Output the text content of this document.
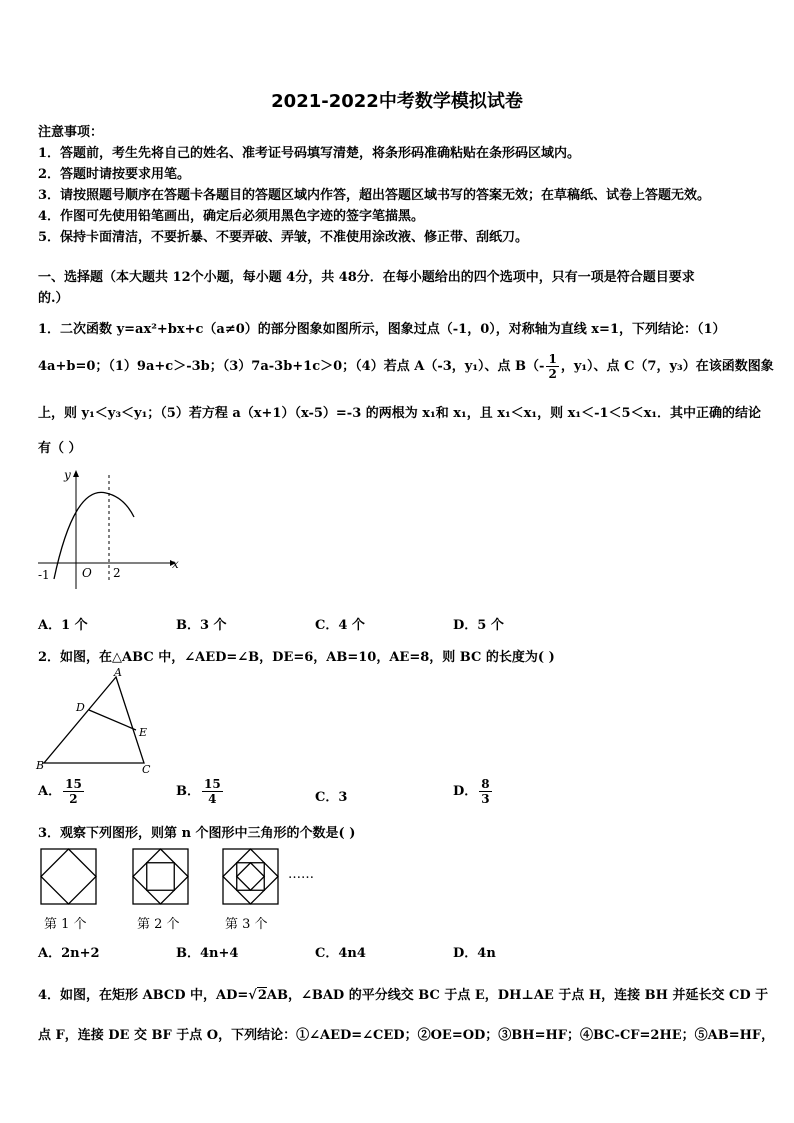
2021-2022中考数学模拟试卷
注意事项：
1．答题前，考生先将自己的姓名、准考证号码填写清楚，将条形码准确粘贴在条形码区域内。
2．答题时请按要求用笔。
3．请按照题号顺序在答题卡各题目的答题区域内作答，超出答题区域书写的答案无效；在草稿纸、试卷上答题无效。
4．作图可先使用铅笔画出，确定后必须用黑色字迹的签字笔描黑。
5．保持卡面清洁，不要折暴、不要弄破、弄皱，不准使用涂改液、修正带、刮纸刀。
一、选择题（本大题共 12个小题，每小题 4分，共 48分．在每小题给出的四个选项中，只有一项是符合题目要求
的.）
1．二次函数 y=ax²+bx+c（a≠0）的部分图象如图所示，图象过点（-1，0），对称轴为直线 x=1，下列结论：（1）
4a+b=0；（1）9a+c＞-3b；（3）7a-3b+1c＞0；（4）若点 A（-3，y₁）、点 $B(- \frac{1}{2}$ ，y₁）、点 C（7，y₃）在该函数图象
上，则 y₁＜y₃＜y₁；（5）若方程 a（x+1）（x-5）=-3 的两根为 x₁和 x₁，且 x₁＜x₁，则 x₁＜-1＜5＜x₁．其中正确的结论
有（ ）
x
y
O
-1	2
A．1 个	B．3 个	C．4 个	D．5 个
2．如图，在△ABC 中，∠AED=∠B，DE=6，AB=10，AE=8，则 BC 的长度为( )
A
B	C
D
E
A． $\frac{15}{2}$	B． $\frac{15}{4}$	C．3	D． $\frac{8}{3}$
3．观察下列图形，则第 n 个图形中三角形的个数是( )
……
第 1 个	第 2 个	第 3 个
A．2n+2	B．4n+4	C．4n4	D．4n
4．如图，在矩形 ABCD 中，AD=√2AB，∠BAD 的平分线交 BC 于点 E，DH⊥AE 于点 H，连接 BH 并延长交 CD 于
点 F，连接 DE 交 BF 于点 O，下列结论：①∠AED=∠CED；②OE=OD；③BH=HF；④BC-CF=2HE；⑤AB=HF，
